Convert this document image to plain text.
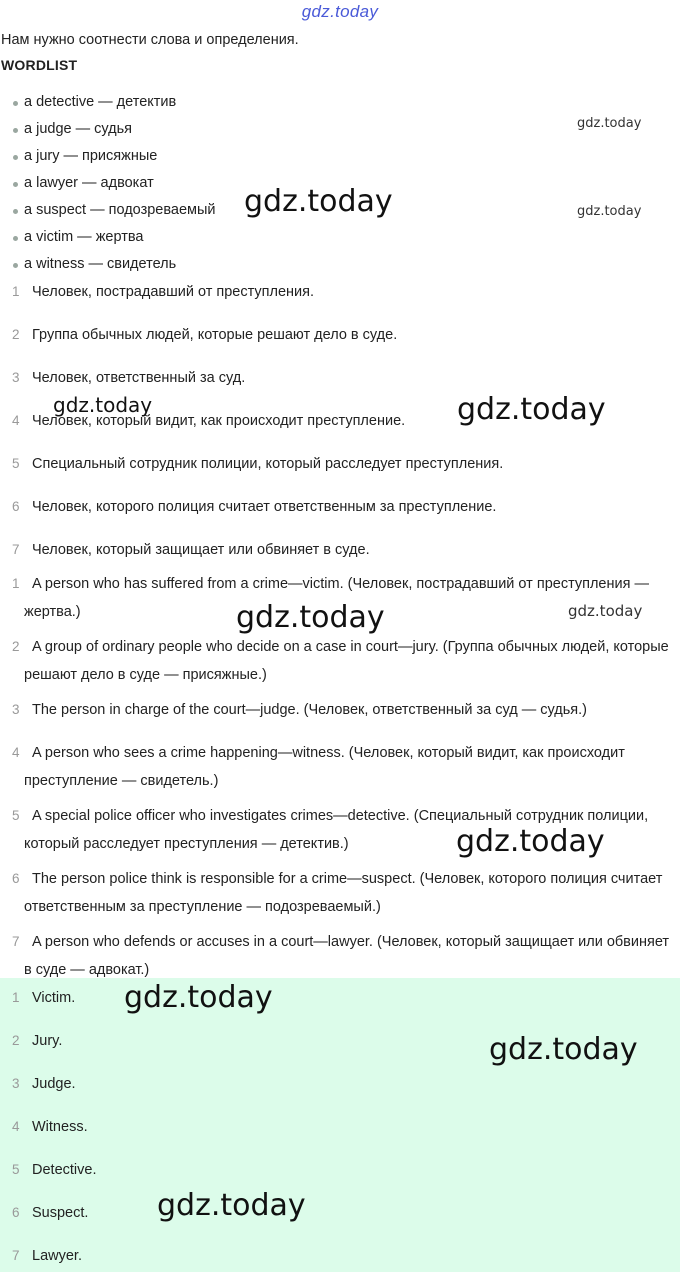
gdz.today
Нам нужно соотнести слова и определения.
WORDLIST
a detective — детектив
a judge — судья
a jury — присяжные
a lawyer — адвокат
a suspect — подозреваемый
a victim — жертва
a witness — свидетель
1 Человек, пострадавший от преступления.
2 Группа обычных людей, которые решают дело в суде.
3 Человек, ответственный за суд.
4 Человек, который видит, как происходит преступление.
5 Специальный сотрудник полиции, который расследует преступления.
6 Человек, которого полиция считает ответственным за преступление.
7 Человек, который защищает или обвиняет в суде.
1 A person who has suffered from a crime—victim. (Человек, пострадавший от преступления — жертва.)
2 A group of ordinary people who decide on a case in court—jury. (Группа обычных людей, которые решают дело в суде — присяжные.)
3 The person in charge of the court—judge. (Человек, ответственный за суд — судья.)
4 A person who sees a crime happening—witness. (Человек, который видит, как происходит преступление — свидетель.)
5 A special police officer who investigates crimes—detective. (Специальный сотрудник полиции, который расследует преступления — детектив.)
6 The person police think is responsible for a crime—suspect. (Человек, которого полиция считает ответственным за преступление — подозреваемый.)
7 A person who defends or accuses in a court—lawyer. (Человек, который защищает или обвиняет в суде — адвокат.)
1 Victim.
2 Jury.
3 Judge.
4 Witness.
5 Detective.
6 Suspect.
7 Lawyer.
gdz.today
gdz.today	gdz.today
gdz.today	gdz.today
gdz.today	gdz.today
gdz.today
gdz.today
gdz.today
gdz.today
